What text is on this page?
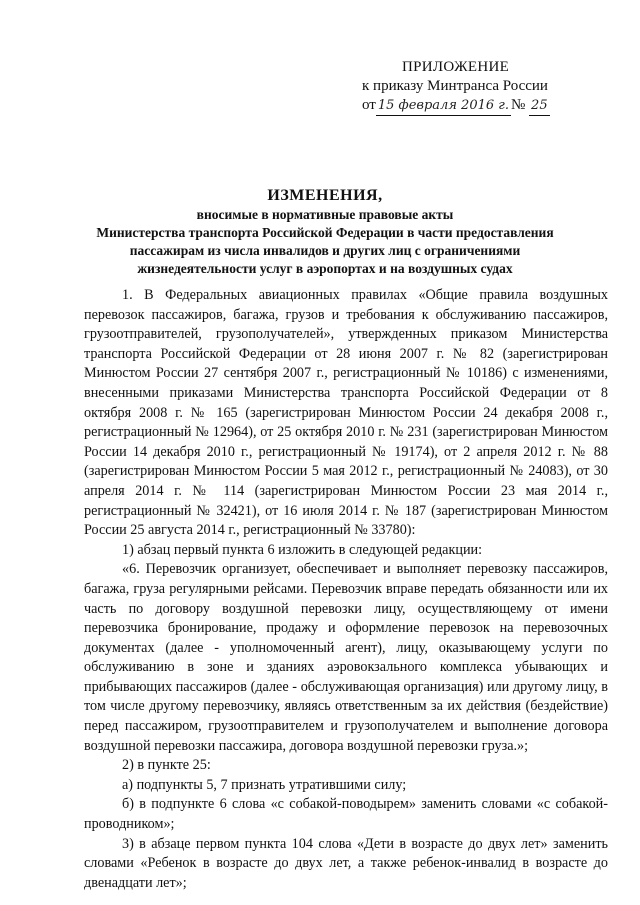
ПРИЛОЖЕНИЕ
к приказу Минтранса России
от 15 февраля 2016 г. № 25
ИЗМЕНЕНИЯ,
вносимые в нормативные правовые акты
Министерства транспорта Российской Федерации в части предоставления
пассажирам из числа инвалидов и других лиц с ограничениями
жизнедеятельности услуг в аэропортах и на воздушных судах

1. В Федеральных авиационных правилах «Общие правила воздушных перевозок пассажиров, багажа, грузов и требования к обслуживанию пассажиров, грузоотправителей, грузополучателей», утвержденных приказом Министерства транспорта Российской Федерации от 28 июня 2007 г. № 82 (зарегистрирован Минюстом России 27 сентября 2007 г., регистрационный № 10186) с изменениями, внесенными приказами Министерства транспорта Российской Федерации от 8 октября 2008 г. № 165 (зарегистрирован Минюстом России 24 декабря 2008 г., регистрационный № 12964), от 25 октября 2010 г. № 231 (зарегистрирован Минюстом России 14 декабря 2010 г., регистрационный № 19174), от 2 апреля 2012 г. № 88 (зарегистрирован Минюстом России 5 мая 2012 г., регистрационный № 24083), от 30 апреля 2014 г. № 114 (зарегистрирован Минюстом России 23 мая 2014 г., регистрационный № 32421), от 16 июля 2014 г. № 187 (зарегистрирован Минюстом России 25 августа 2014 г., регистрационный № 33780):

1) абзац первый пункта 6 изложить в следующей редакции:

«6. Перевозчик организует, обеспечивает и выполняет перевозку пассажиров, багажа, груза регулярными рейсами. Перевозчик вправе передать обязанности или их часть по договору воздушной перевозки лицу, осуществляющему от имени перевозчика бронирование, продажу и оформление перевозок на перевозочных документах (далее - уполномоченный агент), лицу, оказывающему услуги по обслуживанию в зоне и зданиях аэровокзального комплекса убывающих и прибывающих пассажиров (далее - обслуживающая организация) или другому лицу, в том числе другому перевозчику, являясь ответственным за их действия (бездействие) перед пассажиром, грузоотправителем и грузополучателем и выполнение договора воздушной перевозки пассажира, договора воздушной перевозки груза.»;

2) в пункте 25:

а) подпункты 5, 7 признать утратившими силу;

б) в подпункте 6 слова «с собакой-поводырем» заменить словами «с собакой-проводником»;

3) в абзаце первом пункта 104 слова «Дети в возрасте до двух лет» заменить словами «Ребенок в возрасте до двух лет, а также ребенок-инвалид в возрасте до двенадцати лет»;
